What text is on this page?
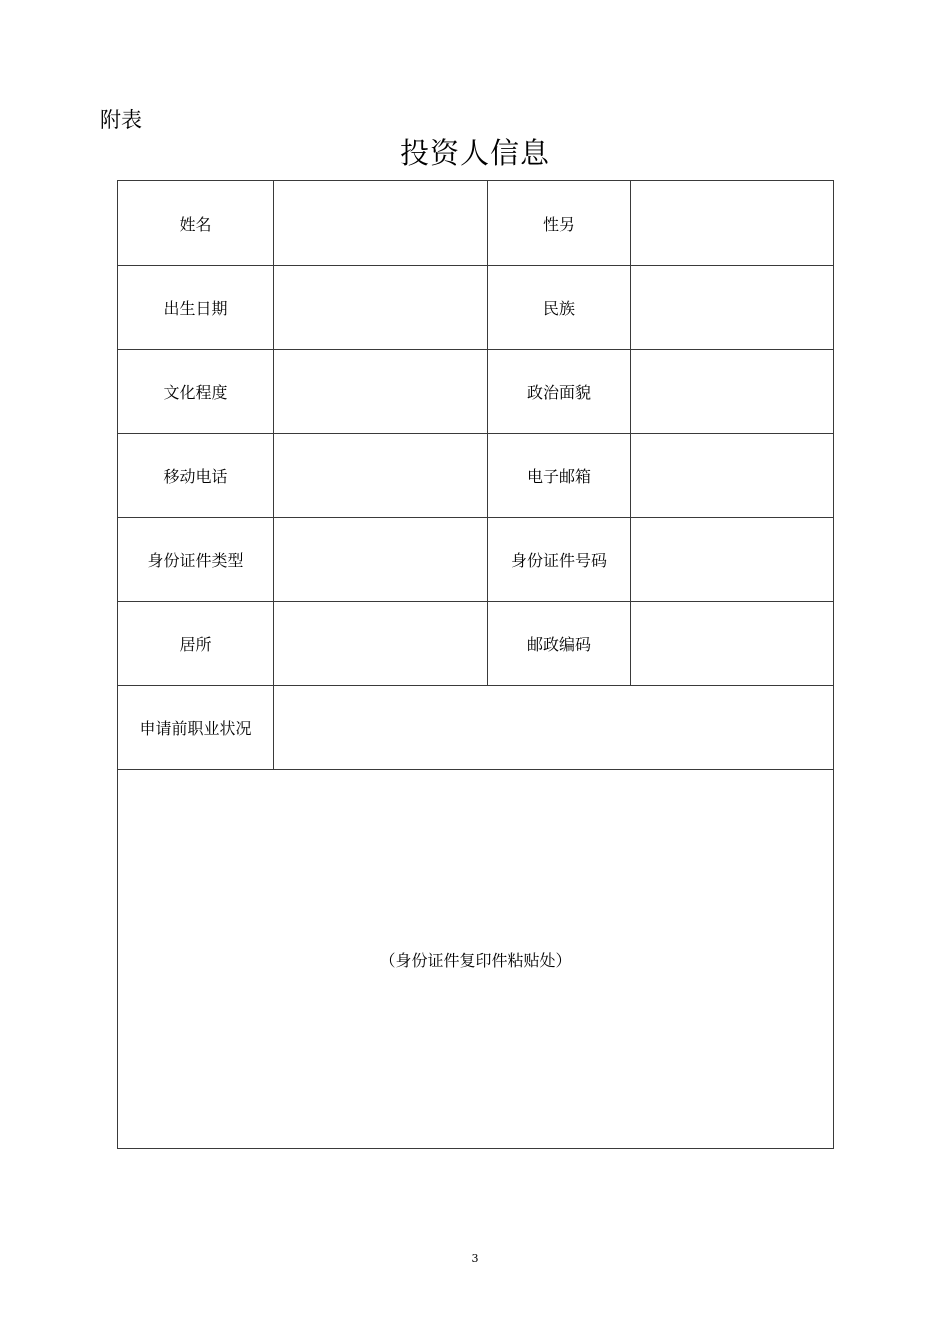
附表
投资人信息
姓名		性另	
出生日期		民族	
文化程度		政治面貌	
移动电话		电子邮箱	
身份证件类型		身份证件号码	
居所		邮政编码	
申请前职业状况			
（身份证件复印件粘贴处）			
3
